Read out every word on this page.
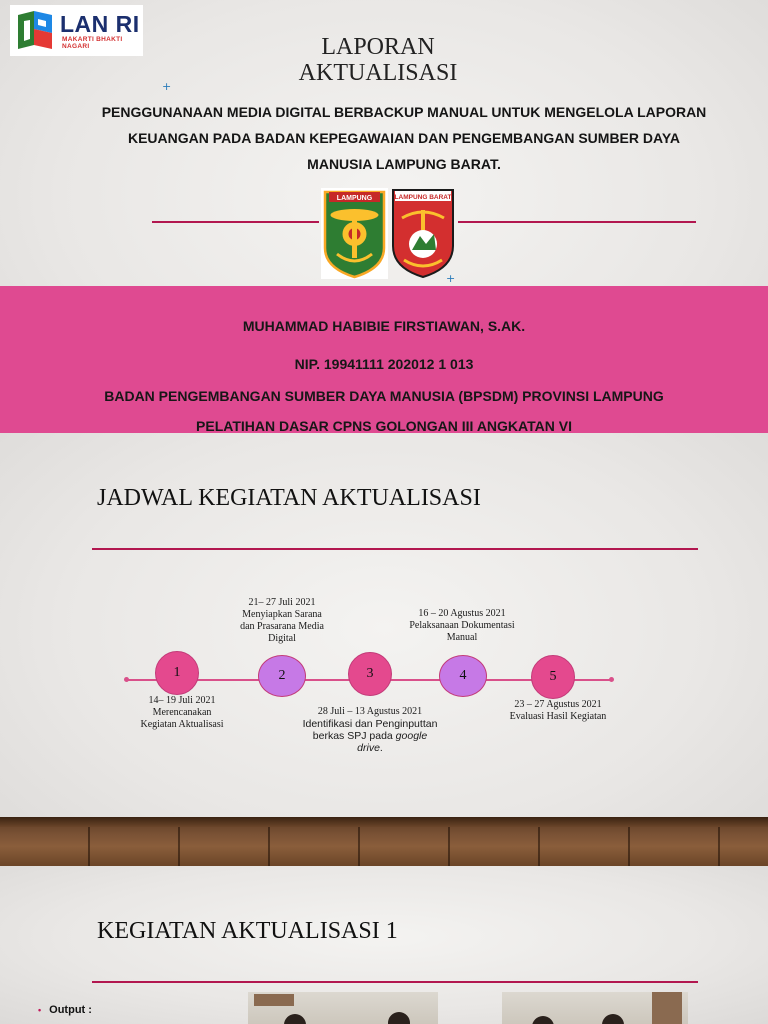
LAN RI
MAKARTI BHAKTI NAGARI	LAPORAN
AKTUALISASI
+
PENGGUNANAAN MEDIA DIGITAL BERBACKUP MANUAL UNTUK MENGELOLA LAPORAN
KEUANGAN PADA BADAN KEPEGAWAIAN DAN PENGEMBANGAN SUMBER DAYA
MANUSIA LAMPUNG BARAT.
LAMPUNG	LAMPUNG BARAT
+
MUHAMMAD HABIBIE FIRSTIAWAN, S.AK.
NIP. 19941111 202012 1 013
BADAN PENGEMBANGAN SUMBER DAYA MANUSIA (BPSDM) PROVINSI LAMPUNG
PELATIHAN DASAR CPNS GOLONGAN III ANGKATAN VI
JADWAL KEGIATAN AKTUALISASI
1	2	3	4	5
14– 19 Juli 2021
Merencanakan
Kegiatan Aktualisasi
21– 27 Juli 2021
Menyiapkan Sarana
dan Prasarana Media
Digital
28 Juli – 13 Agustus 2021
Identifikasi dan Penginputtan
berkas SPJ pada google
drive.
16 – 20 Agustus 2021
Pelaksanaan Dokumentasi
Manual
23 – 27 Agustus 2021
Evaluasi Hasil Kegiatan
KEGIATAN AKTUALISASI 1
• Output :
